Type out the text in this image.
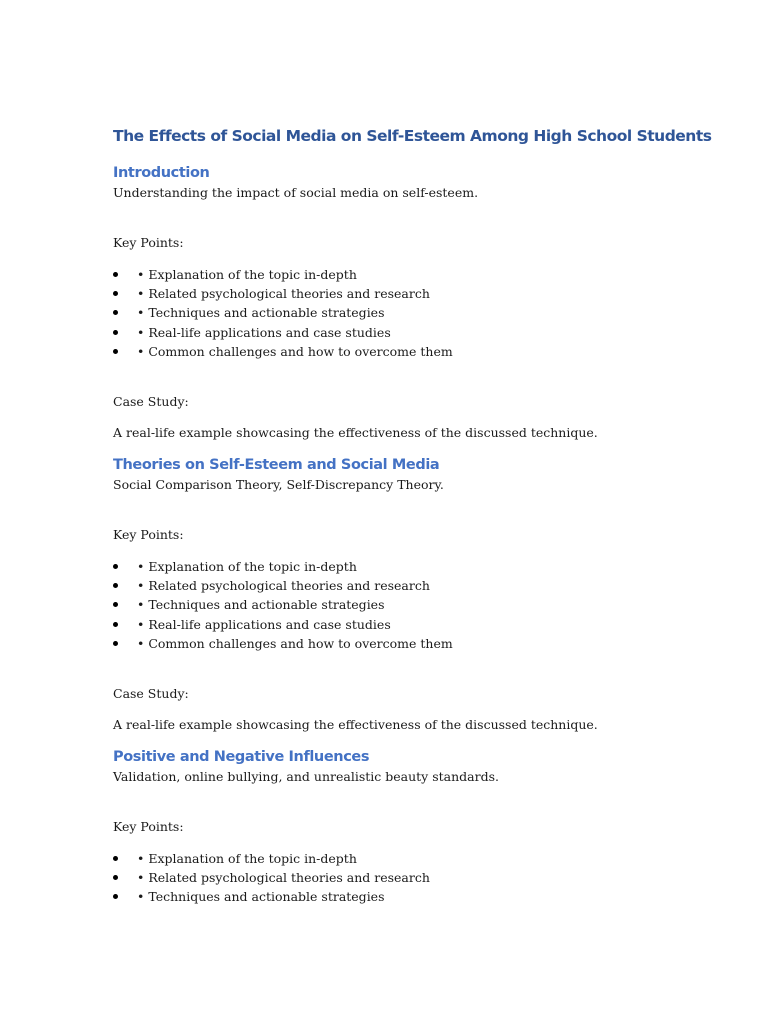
The Effects of Social Media on Self-Esteem Among High School Students
Introduction

Understanding the impact of social media on self-esteem.

Key Points:

• Explanation of the topic in-depth
• Related psychological theories and research
• Techniques and actionable strategies
• Real-life applications and case studies
• Common challenges and how to overcome them

Case Study:

A real-life example showcasing the effectiveness of the discussed technique.

Theories on Self-Esteem and Social Media

Social Comparison Theory, Self-Discrepancy Theory.

Key Points:

• Explanation of the topic in-depth
• Related psychological theories and research
• Techniques and actionable strategies
• Real-life applications and case studies
• Common challenges and how to overcome them

Case Study:

A real-life example showcasing the effectiveness of the discussed technique.

Positive and Negative Influences

Validation, online bullying, and unrealistic beauty standards.

Key Points:

• Explanation of the topic in-depth
• Related psychological theories and research
• Techniques and actionable strategies
